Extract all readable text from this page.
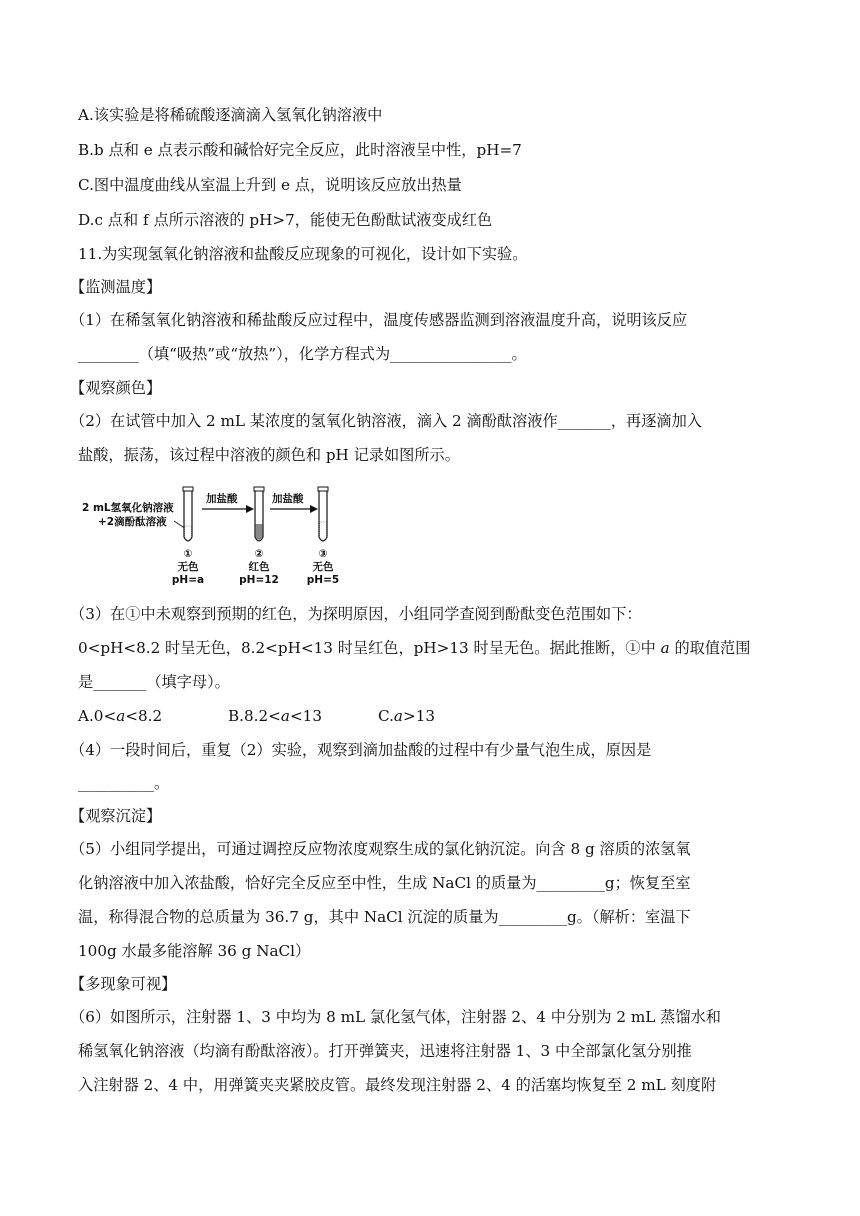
A.该实验是将稀硫酸逐滴滴入氢氧化钠溶液中
B.b 点和 e 点表示酸和碱恰好完全反应，此时溶液呈中性，pH=7
C.图中温度曲线从室温上升到 e 点，说明该反应放出热量
D.c 点和 f 点所示溶液的 pH>7，能使无色酚酞试液变成红色
11.为实现氢氧化钠溶液和盐酸反应现象的可视化，设计如下实验。
【监测温度】
（1）在稀氢氧化钠溶液和稀盐酸反应过程中，温度传感器监测到溶液温度升高，说明该反应
________（填“吸热”或“放热”），化学方程式为________________。
【观察颜色】
（2）在试管中加入 2 mL 某浓度的氢氧化钠溶液，滴入 2 滴酚酞溶液作_______，再逐滴加入
盐酸，振荡，该过程中溶液的颜色和 pH 记录如图所示。
2 mL氢氧化钠溶液
+2滴酚酞溶液
加盐酸	加盐酸
①
无色
pH=a
②
红色
pH=12
③
无色
pH=5
（3）在①中未观察到预期的红色，为探明原因，小组同学查阅到酚酞变色范围如下：
0<pH<8.2 时呈无色，8.2<pH<13 时呈红色，pH>13 时呈无色。据此推断，①中 a 的取值范围
是_______（填字母）。
A.0<a<8.2	B.8.2<a<13	C.a>13
（4）一段时间后，重复（2）实验，观察到滴加盐酸的过程中有少量气泡生成，原因是
__________。
【观察沉淀】
（5）小组同学提出，可通过调控反应物浓度观察生成的氯化钠沉淀。向含 8 g 溶质的浓氢氧
化钠溶液中加入浓盐酸，恰好完全反应至中性，生成 NaCl 的质量为_________g；恢复至室
温，称得混合物的总质量为 36.7 g，其中 NaCl 沉淀的质量为_________g。（解析：室温下
100g 水最多能溶解 36 g NaCl）
【多现象可视】
（6）如图所示，注射器 1、3 中均为 8 mL 氯化氢气体，注射器 2、4 中分别为 2 mL 蒸馏水和
稀氢氧化钠溶液（均滴有酚酞溶液）。打开弹簧夹，迅速将注射器 1、3 中全部氯化氢分别推
入注射器 2、4 中，用弹簧夹夹紧胶皮管。最终发现注射器 2、4 的活塞均恢复至 2 mL 刻度附
